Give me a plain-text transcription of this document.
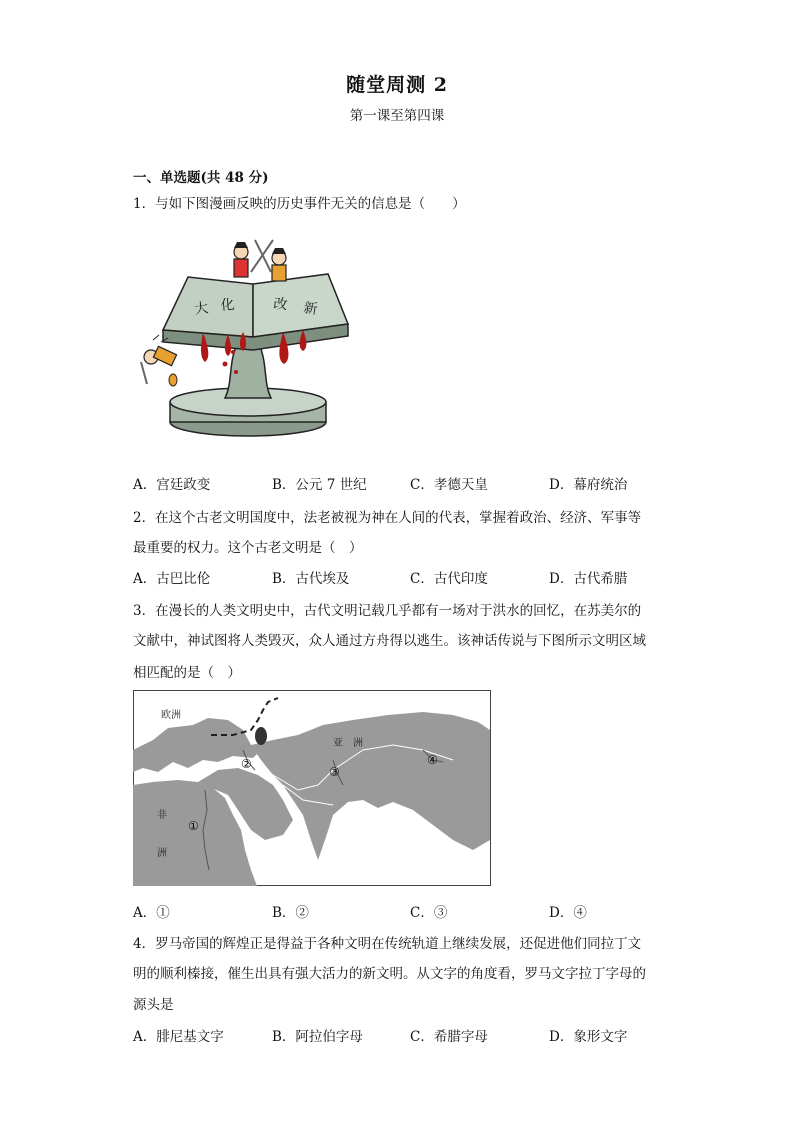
随堂周测 2
第一课至第四课
一、单选题(共 48 分)
1．与如下图漫画反映的历史事件无关的信息是（　　）
大 化	改 新
A．宫廷政变	B．公元 7 世纪	C．孝德天皇	D．幕府统治
2．在这个古老文明国度中，法老被视为神在人间的代表，掌握着政治、经济、军事等
最重要的权力。这个古老文明是（　）
A．古巴比伦	B．古代埃及	C．古代印度	D．古代希腊
3．在漫长的人类文明史中，古代文明记载几乎都有一场对于洪水的回忆，在苏美尔的
文献中，神试图将人类毁灭，众人通过方舟得以逃生。该神话传说与下图所示文明区域
相匹配的是（　）
欧洲
亚　洲
非
洲
①
②
③
④
A．①	B．②	C．③	D．④
4．罗马帝国的辉煌正是得益于各种文明在传统轨道上继续发展，还促进他们同拉丁文
明的顺利榛接，催生出具有强大活力的新文明。从文字的角度看，罗马文字拉丁字母的
源头是
A．腓尼基文字	B．阿拉伯字母	C．希腊字母	D．象形文字
